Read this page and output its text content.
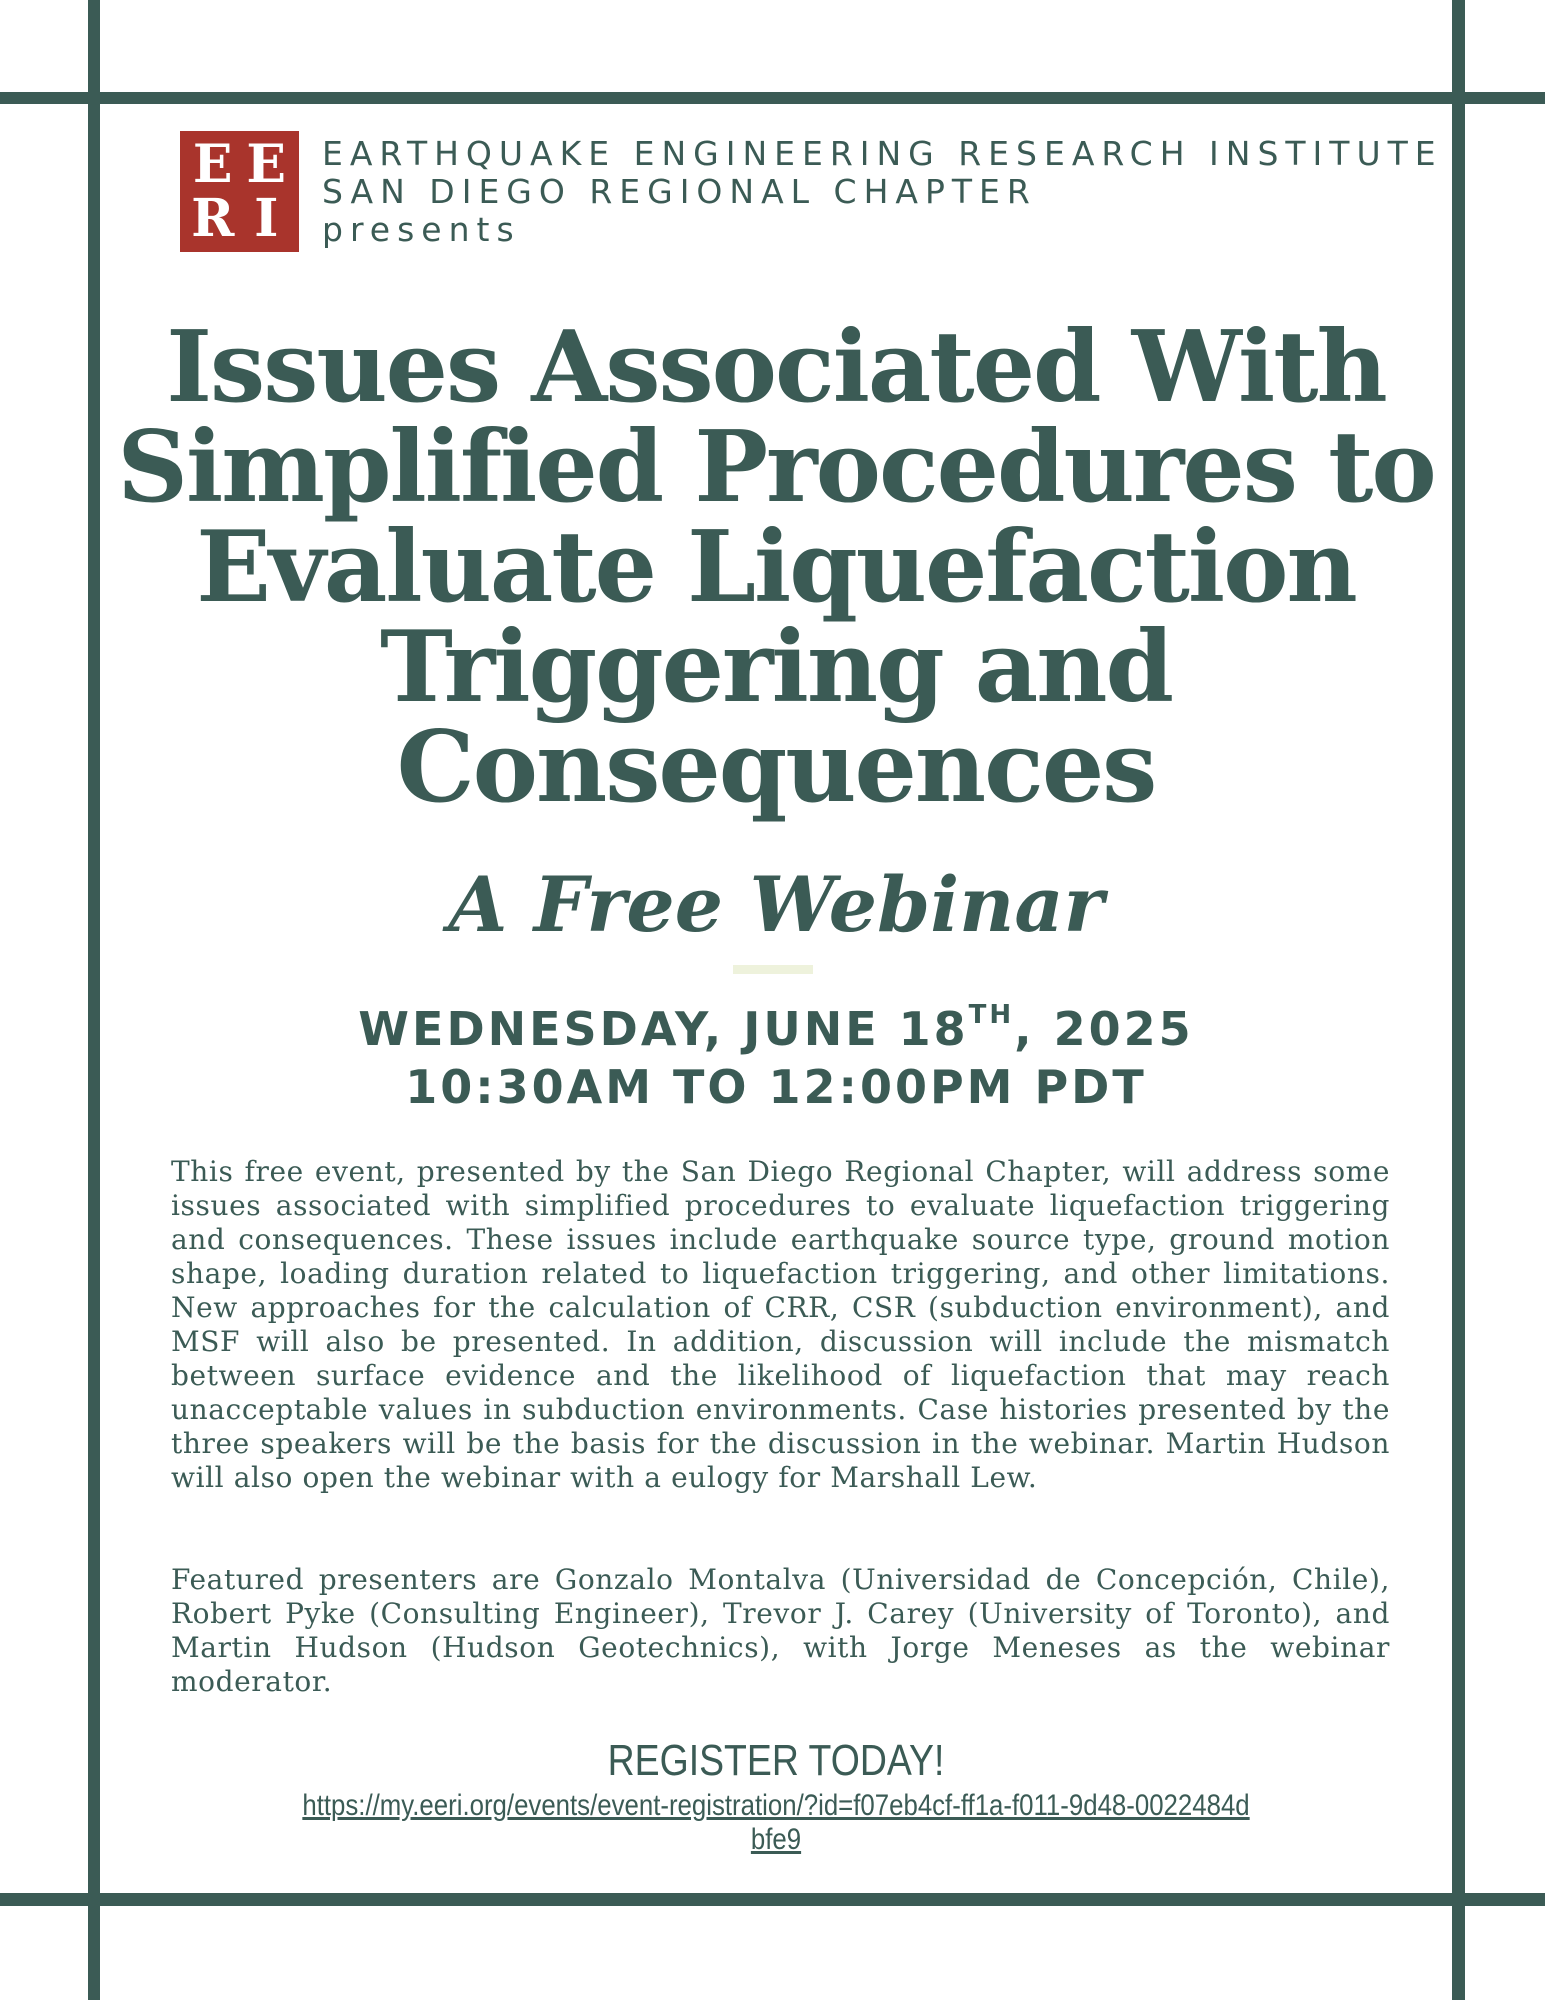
E E
R I
EARTHQUAKE ENGINEERING RESEARCH INSTITUTE
SAN DIEGO REGIONAL CHAPTER
presents
Issues Associated With
Simplified Procedures to
Evaluate Liquefaction
Triggering and
Consequences
A Free Webinar
WEDNESDAY, JUNE 18TH, 2025
10:30AM TO 12:00PM PDT
This free event, presented by the San Diego Regional Chapter, will address some issues associated with simplified procedures to evaluate liquefaction triggering and consequences. These issues include earthquake source type, ground motion shape, loading duration related to liquefaction triggering, and other limitations. New approaches for the calculation of CRR, CSR (subduction environment), and MSF will also be presented. In addition, discussion will include the mismatch between surface evidence and the likelihood of liquefaction that may reach unacceptable values in subduction environments. Case histories presented by the three speakers will be the basis for the discussion in the webinar. Martin Hudson will also open the webinar with a eulogy for Marshall Lew.
Featured presenters are Gonzalo Montalva (Universidad de Concepción, Chile), Robert Pyke (Consulting Engineer), Trevor J. Carey (University of Toronto), and Martin Hudson (Hudson Geotechnics), with Jorge Meneses as the webinar moderator.
REGISTER TODAY!
https://my.eeri.org/events/event-registration/?id=f07eb4cf-ff1a-f011-9d48-0022484dbfe9
